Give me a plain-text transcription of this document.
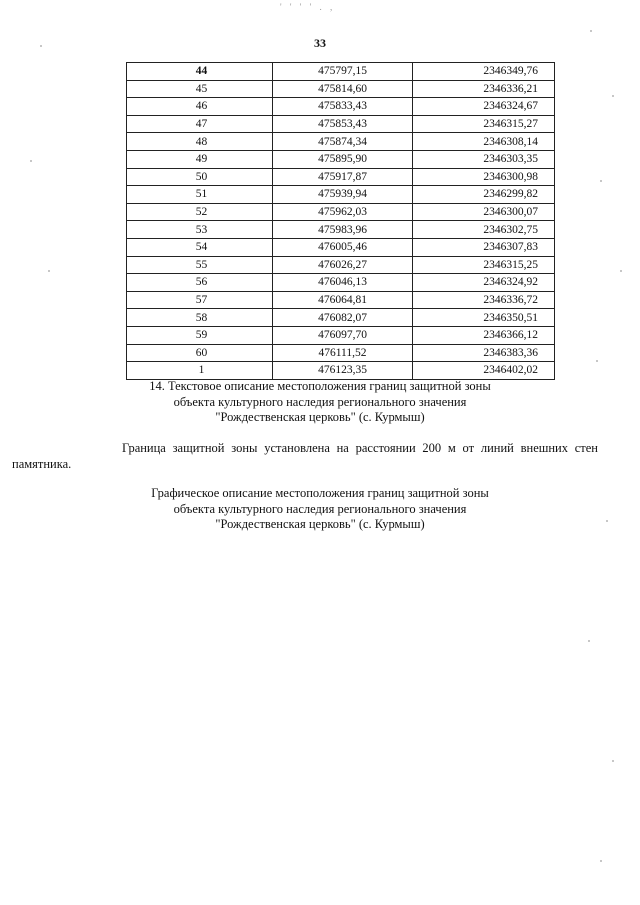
' ' ' ' . ,
33
44	475797,15	2346349,76
45	475814,60	2346336,21
46	475833,43	2346324,67
47	475853,43	2346315,27
48	475874,34	2346308,14
49	475895,90	2346303,35
50	475917,87	2346300,98
51	475939,94	2346299,82
52	475962,03	2346300,07
53	475983,96	2346302,75
54	476005,46	2346307,83
55	476026,27	2346315,25
56	476046,13	2346324,92
57	476064,81	2346336,72
58	476082,07	2346350,51
59	476097,70	2346366,12
60	476111,52	2346383,36
1	476123,35	2346402,02
14. Текстовое описание местоположения границ защитной зоны
объекта культурного наследия регионального значения
"Рождественская церковь" (с. Курмыш)
Граница защитной зоны установлена на расстоянии 200 м от линий внешних стен
памятника.
Графическое описание местоположения границ защитной зоны
объекта культурного наследия регионального значения
"Рождественская церковь" (с. Курмыш)
